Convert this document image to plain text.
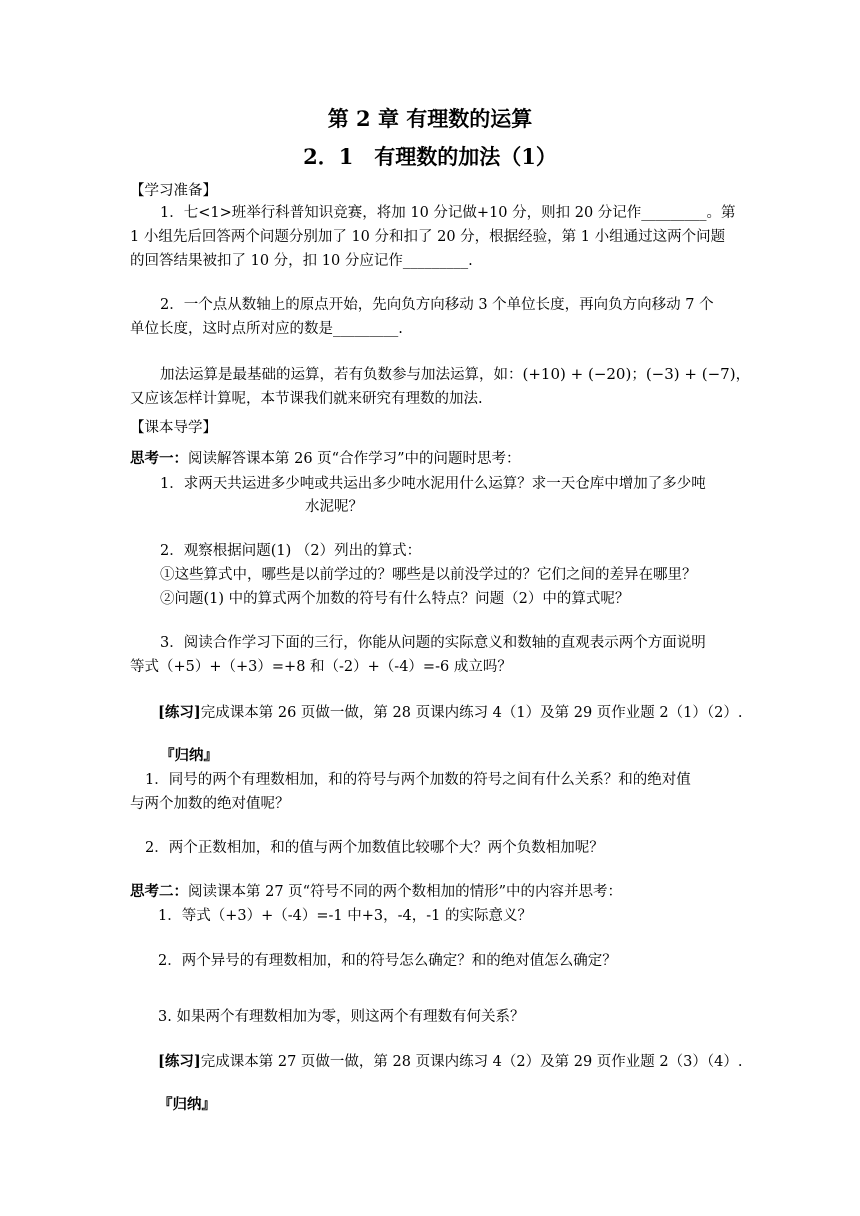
第 2 章 有理数的运算
2．1　有理数的加法（1）
【学习准备】
1．七<1>班举行科普知识竞赛，将加 10 分记做+10 分，则扣 20 分记作_________。第
1 小组先后回答两个问题分别加了 10 分和扣了 20 分，根据经验，第 1 小组通过这两个问题
的回答结果被扣了 10 分，扣 10 分应记作_________.
2．一个点从数轴上的原点开始，先向负方向移动 3 个单位长度，再向负方向移动 7 个
单位长度，这时点所对应的数是_________.
加法运算是最基础的运算，若有负数参与加法运算，如：(+10) + (−20)；(−3) + (−7)，
又应该怎样计算呢，本节课我们就来研究有理数的加法.
【课本导学】
思考一：阅读解答课本第 26 页“合作学习”中的问题时思考：
1．求两天共运进多少吨或共运出多少吨水泥用什么运算？求一天仓库中增加了多少吨
水泥呢？
2．观察根据问题(1) （2）列出的算式：
①这些算式中，哪些是以前学过的？哪些是以前没学过的？它们之间的差异在哪里？
②问题(1) 中的算式两个加数的符号有什么特点？问题（2）中的算式呢？
3．阅读合作学习下面的三行，你能从问题的实际意义和数轴的直观表示两个方面说明
等式（+5）+（+3）=+8 和（-2）+（-4）=-6 成立吗？
[练习]完成课本第 26 页做一做，第 28 页课内练习 4（1）及第 29 页作业题 2（1）（2）.
『归纳』
1．同号的两个有理数相加，和的符号与两个加数的符号之间有什么关系？和的绝对值
与两个加数的绝对值呢？
2．两个正数相加，和的值与两个加数值比较哪个大？两个负数相加呢？
思考二：阅读课本第 27 页“符号不同的两个数相加的情形”中的内容并思考：
1．等式（+3）+（-4）=-1 中+3，-4，-1 的实际意义？
2．两个异号的有理数相加，和的符号怎么确定？和的绝对值怎么确定？
3. 如果两个有理数相加为零，则这两个有理数有何关系？
[练习]完成课本第 27 页做一做，第 28 页课内练习 4（2）及第 29 页作业题 2（3）（4）.
『归纳』
